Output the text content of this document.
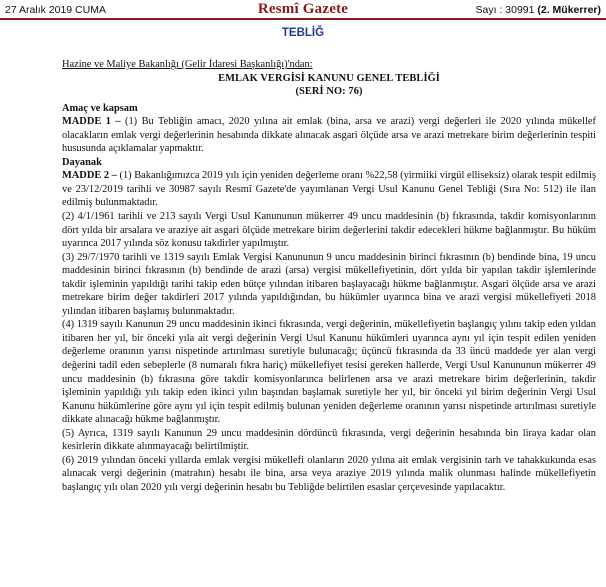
27 Aralık 2019 CUMA	Resmî Gazete	Sayı : 30991 (2. Mükerrer)
TEBLİĞ

Hazine ve Maliye Bakanlığı (Gelir İdaresi Başkanlığı)'ndan:

EMLAK VERGİSİ KANUNU GENEL TEBLİĞİ

(SERİ NO: 76)

Amaç ve kapsam

MADDE 1 – (1) Bu Tebliğin amacı, 2020 yılına ait emlak (bina, arsa ve arazi) vergi değerleri ile 2020 yılında mükellef olacakların emlak vergi değerlerinin hesabında dikkate alınacak asgari ölçüde arsa ve arazi metrekare birim değerlerinin tespiti hususunda açıklamalar yapmaktır.

Dayanak

MADDE 2 – (1) Bakanlığımızca 2019 yılı için yeniden değerleme oranı %22,58 (yirmiiki virgül elliseksiz) olarak tespit edilmiş ve 23/12/2019 tarihli ve 30987 sayılı Resmî Gazete'de yayımlanan Vergi Usul Kanunu Genel Tebliği (Sıra No: 512) ile ilan edilmiş bulunmaktadır.

(2) 4/1/1961 tarihli ve 213 sayılı Vergi Usul Kanununun mükerrer 49 uncu maddesinin (b) fıkrasında, takdir komisyonlarının dört yılda bir arsalara ve araziye ait asgari ölçüde metrekare birim değerlerini takdir edecekleri hükme bağlanmıştır. Bu hüküm uyarınca 2017 yılında söz konusu takdirler yapılmıştır.

(3) 29/7/1970 tarihli ve 1319 sayılı Emlak Vergisi Kanununun 9 uncu maddesinin birinci fıkrasının (b) bendinde bina, 19 uncu maddesinin birinci fıkrasının (b) bendinde de arazi (arsa) vergisi mükellefiyetinin, dört yılda bir yapılan takdir işlemlerinde takdir işleminin yapıldığı tarihi takip eden bütçe yılından itibaren başlayacağı hükme bağlanmıştır. Asgari ölçüde arsa ve arazi metrekare birim değer takdirleri 2017 yılında yapıldığından, bu hükümler uyarınca bina ve arazi vergisi mükellefiyeti 2018 yılından itibaren başlamış bulunmaktadır.

(4) 1319 sayılı Kanunun 29 uncu maddesinin ikinci fıkrasında, vergi değerinin, mükellefiyetin başlangıç yılını takip eden yıldan itibaren her yıl, bir önceki yıla ait vergi değerinin Vergi Usul Kanunu hükümleri uyarınca aynı yıl için tespit edilen yeniden değerleme oranının yarısı nispetinde artırılması suretiyle bulunacağı; üçüncü fıkrasında da 33 üncü maddede yer alan vergi değerini tadil eden sebeplerle (8 numaralı fıkra hariç) mükellefiyet tesisi gereken hallerde, Vergi Usul Kanununun mükerrer 49 uncu maddesinin (b) fıkrasına göre takdir komisyonlarınca belirlenen arsa ve arazi metrekare birim değerlerinin, takdir işleminin yapıldığı yılı takip eden ikinci yılın başından başlamak suretiyle her yıl, bir önceki yıl birim değerinin Vergi Usul Kanunu hükümlerine göre aynı yıl için tespit edilmiş bulunan yeniden değerleme oranının yarısı nispetinde artırılması suretiyle dikkate alınacağı hükme bağlanmıştır.

(5) Ayrıca, 1319 sayılı Kanunun 29 uncu maddesinin dördüncü fıkrasında, vergi değerinin hesabında bin liraya kadar olan kesirlerin dikkate alınmayacağı belirtilmiştir.

(6) 2019 yılından önceki yıllarda emlak vergisi mükellefi olanların 2020 yılına ait emlak vergisinin tarh ve tahakkukunda esas alınacak vergi değerinin (matrahın) hesabı ile bina, arsa veya araziye 2019 yılında malik olunması halinde mükellefiyetin başlangıç yılı olan 2020 yılı vergi değerinin hesabı bu Tebliğde belirtilen esaslar çerçevesinde yapılacaktır.
